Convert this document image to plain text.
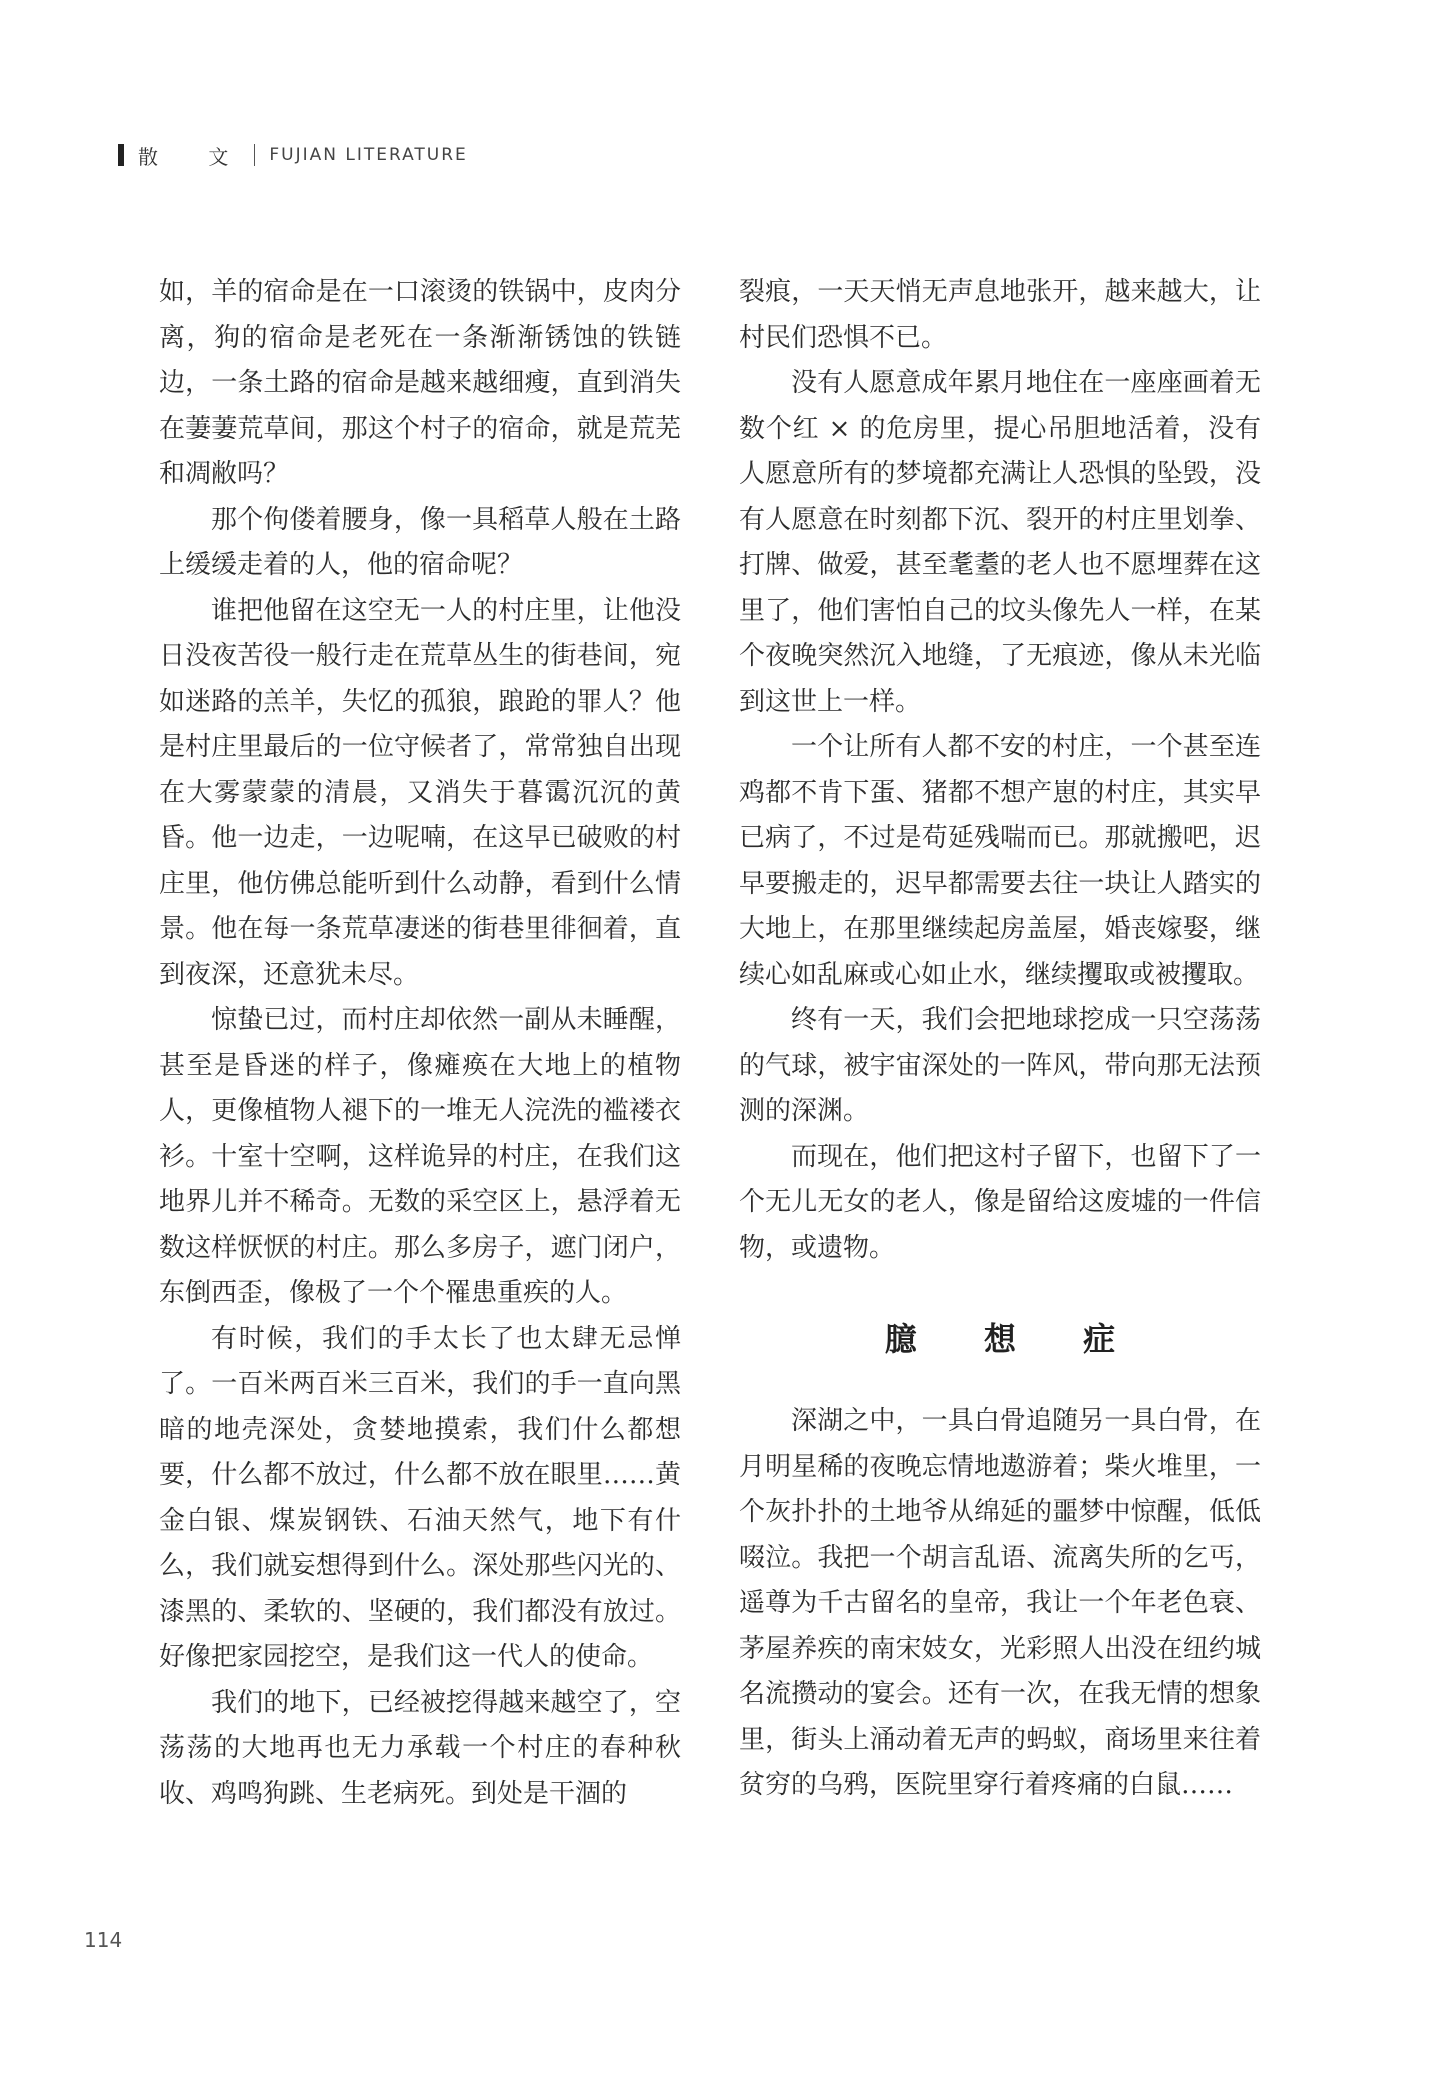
散 文 FUJIAN LITERATURE

如，羊的宿命是在一口滚烫的铁锅中，皮肉分离，狗的宿命是老死在一条渐渐锈蚀的铁链边，一条土路的宿命是越来越细瘦，直到消失在萋萋荒草间，那这个村子的宿命，就是荒芜和凋敝吗？

那个佝偻着腰身，像一具稻草人般在土路上缓缓走着的人，他的宿命呢？

谁把他留在这空无一人的村庄里，让他没日没夜苦役一般行走在荒草丛生的街巷间，宛如迷路的羔羊，失忆的孤狼，踉跄的罪人？他是村庄里最后的一位守候者了，常常独自出现在大雾蒙蒙的清晨，又消失于暮霭沉沉的黄昏。他一边走，一边呢喃，在这早已破败的村庄里，他仿佛总能听到什么动静，看到什么情景。他在每一条荒草凄迷的街巷里徘徊着，直到夜深，还意犹未尽。

惊蛰已过，而村庄却依然一副从未睡醒，甚至是昏迷的样子，像瘫痪在大地上的植物人，更像植物人褪下的一堆无人浣洗的褴褛衣衫。十室十空啊，这样诡异的村庄，在我们这地界儿并不稀奇。无数的采空区上，悬浮着无数这样恹恹的村庄。那么多房子，遮门闭户，东倒西歪，像极了一个个罹患重疾的人。

有时候，我们的手太长了也太肆无忌惮了。一百米两百米三百米，我们的手一直向黑暗的地壳深处，贪婪地摸索，我们什么都想要，什么都不放过，什么都不放在眼里……黄金白银、煤炭钢铁、石油天然气，地下有什么，我们就妄想得到什么。深处那些闪光的、漆黑的、柔软的、坚硬的，我们都没有放过。好像把家园挖空，是我们这一代人的使命。

我们的地下，已经被挖得越来越空了，空荡荡的大地再也无力承载一个村庄的春种秋收、鸡鸣狗跳、生老病死。到处是干涸的

裂痕，一天天悄无声息地张开，越来越大，让村民们恐惧不已。

没有人愿意成年累月地住在一座座画着无数个红 × 的危房里，提心吊胆地活着，没有人愿意所有的梦境都充满让人恐惧的坠毁，没有人愿意在时刻都下沉、裂开的村庄里划拳、打牌、做爱，甚至耄耋的老人也不愿埋葬在这里了，他们害怕自己的坟头像先人一样，在某个夜晚突然沉入地缝，了无痕迹，像从未光临到这世上一样。

一个让所有人都不安的村庄，一个甚至连鸡都不肯下蛋、猪都不想产崽的村庄，其实早已病了，不过是苟延残喘而已。那就搬吧，迟早要搬走的，迟早都需要去往一块让人踏实的大地上，在那里继续起房盖屋，婚丧嫁娶，继续心如乱麻或心如止水，继续攫取或被攫取。

终有一天，我们会把地球挖成一只空荡荡的气球，被宇宙深处的一阵风，带向那无法预测的深渊。

而现在，他们把这村子留下，也留下了一个无儿无女的老人，像是留给这废墟的一件信物，或遗物。

臆 想 症

深湖之中，一具白骨追随另一具白骨，在月明星稀的夜晚忘情地遨游着；柴火堆里，一个灰扑扑的土地爷从绵延的噩梦中惊醒，低低啜泣。我把一个胡言乱语、流离失所的乞丐，遥尊为千古留名的皇帝，我让一个年老色衰、茅屋养疾的南宋妓女，光彩照人出没在纽约城名流攒动的宴会。还有一次，在我无情的想象里，街头上涌动着无声的蚂蚁，商场里来往着贫穷的乌鸦，医院里穿行着疼痛的白鼠……

114
